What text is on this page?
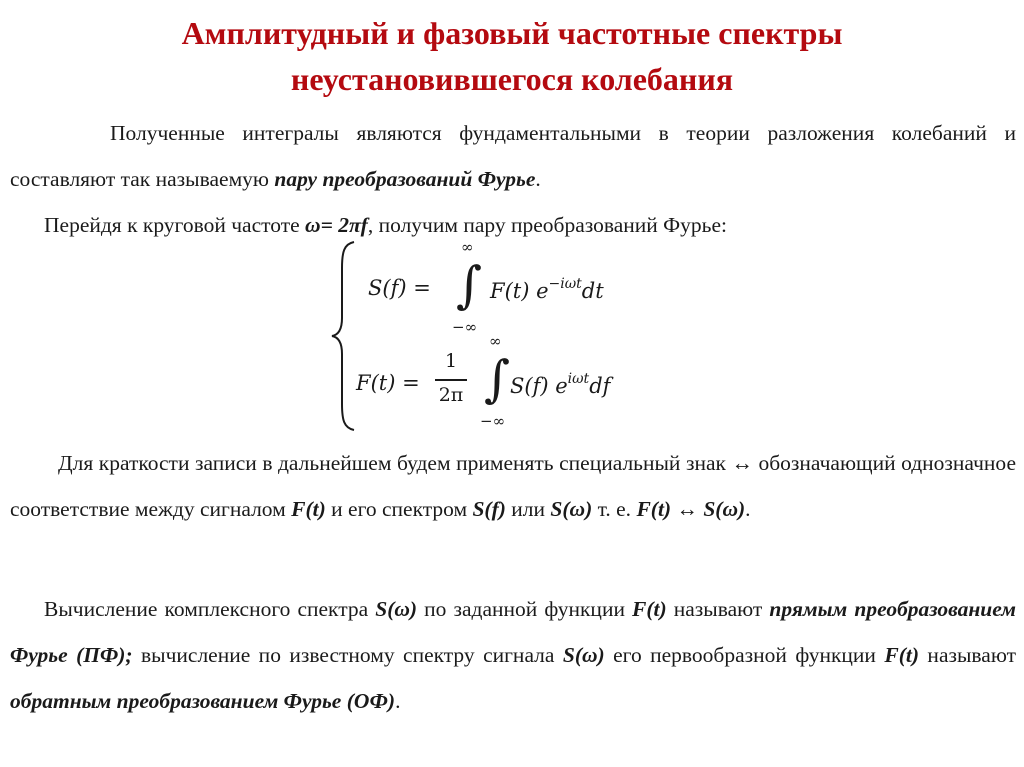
Амплитудный и фазовый частотные спектры
неустановившегося колебания

Полученные интегралы являются фундаментальными в теории разложения колебаний и составляют так называемую пару преобразований Фурье.

Перейдя к круговой частоте ω= 2πf, получим пару преобразований Фурье:

S(f) =
∞
∫
−∞
F(t) $e^{-i\omega t}dt$
F(t) =
1
2π
∞
∫
−∞
S(f) $e^{i\omega t}df$

Для краткости записи в дальнейшем будем применять специальный знак ↔ обозначающий однозначное соответствие между сигналом F(t) и его спектром S(f) или S(ω) т. е. F(t) ↔ S(ω).

Вычисление комплексного спектра S(ω) по заданной функции F(t) называют прямым преобразованием Фурье (ПФ); вычисление по известному спектру сигнала S(ω) его первообразной функции F(t) называют обратным преобразованием Фурье (ОФ).
